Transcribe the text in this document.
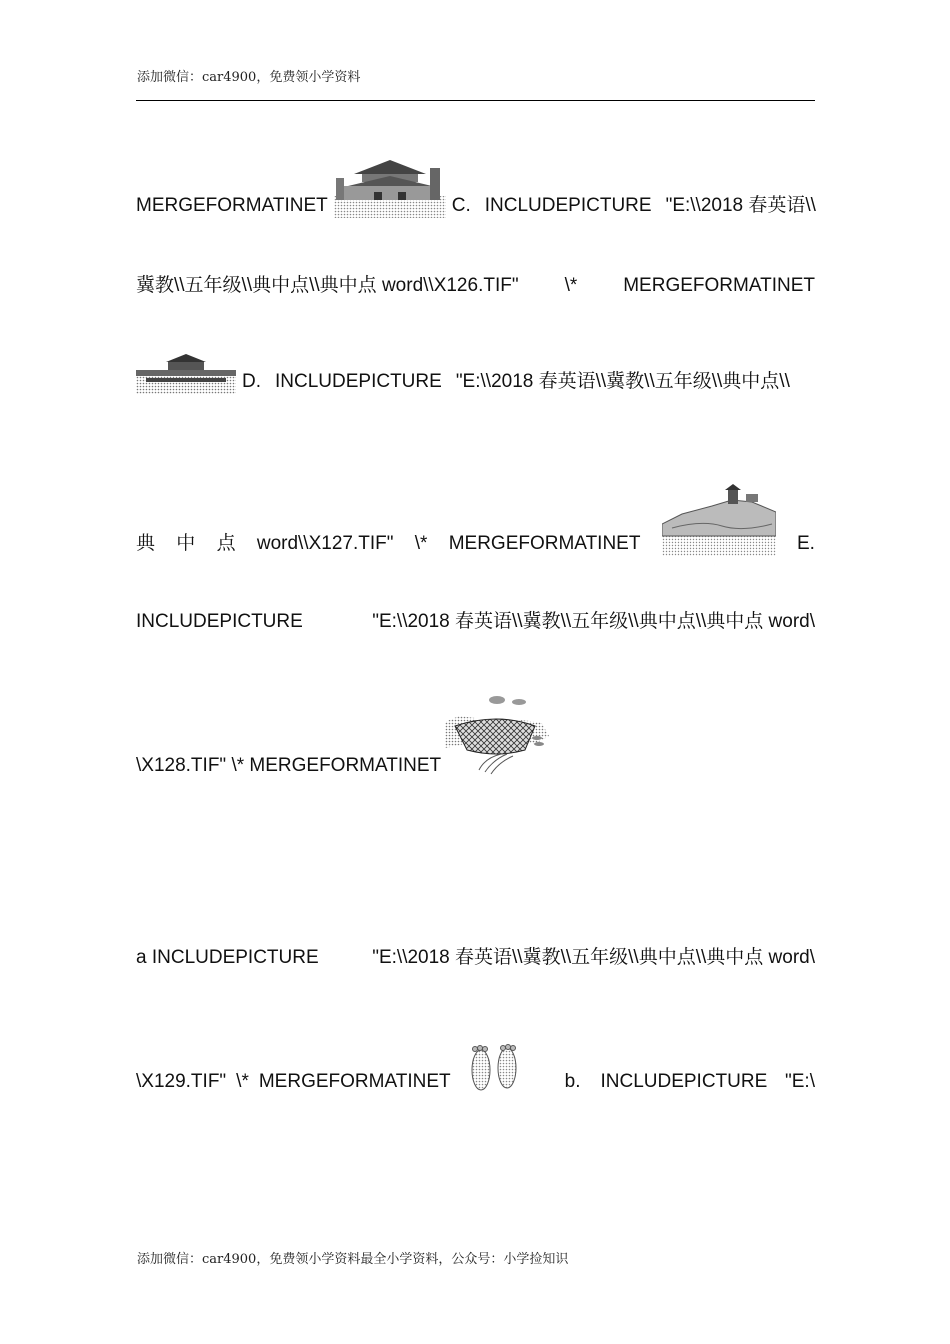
添加微信：car4900，免费领小学资料
MERGEFORMATINET	C. INCLUDEPICTURE "E:\\2018 春英语\\
冀教\\五年级\\典中点\\典中点 word\\X126.TIF" \* MERGEFORMATINET
D. INCLUDEPICTURE "E:\\2018 春英语\\冀教\\五年级\\典中点\\
典 中 点 word\\X127.TIF" \* MERGEFORMATINET	E.
INCLUDEPICTURE	"E:\\2018 春英语\\冀教\\五年级\\典中点\\典中点 word\
\X128.TIF" \* MERGEFORMATINET
a INCLUDEPICTURE	"E:\\2018 春英语\\冀教\\五年级\\典中点\\典中点 word\
\X129.TIF" \* MERGEFORMATINET	b. INCLUDEPICTURE "E:\
添加微信：car4900，免费领小学资料最全小学资料，公众号：小学捡知识
